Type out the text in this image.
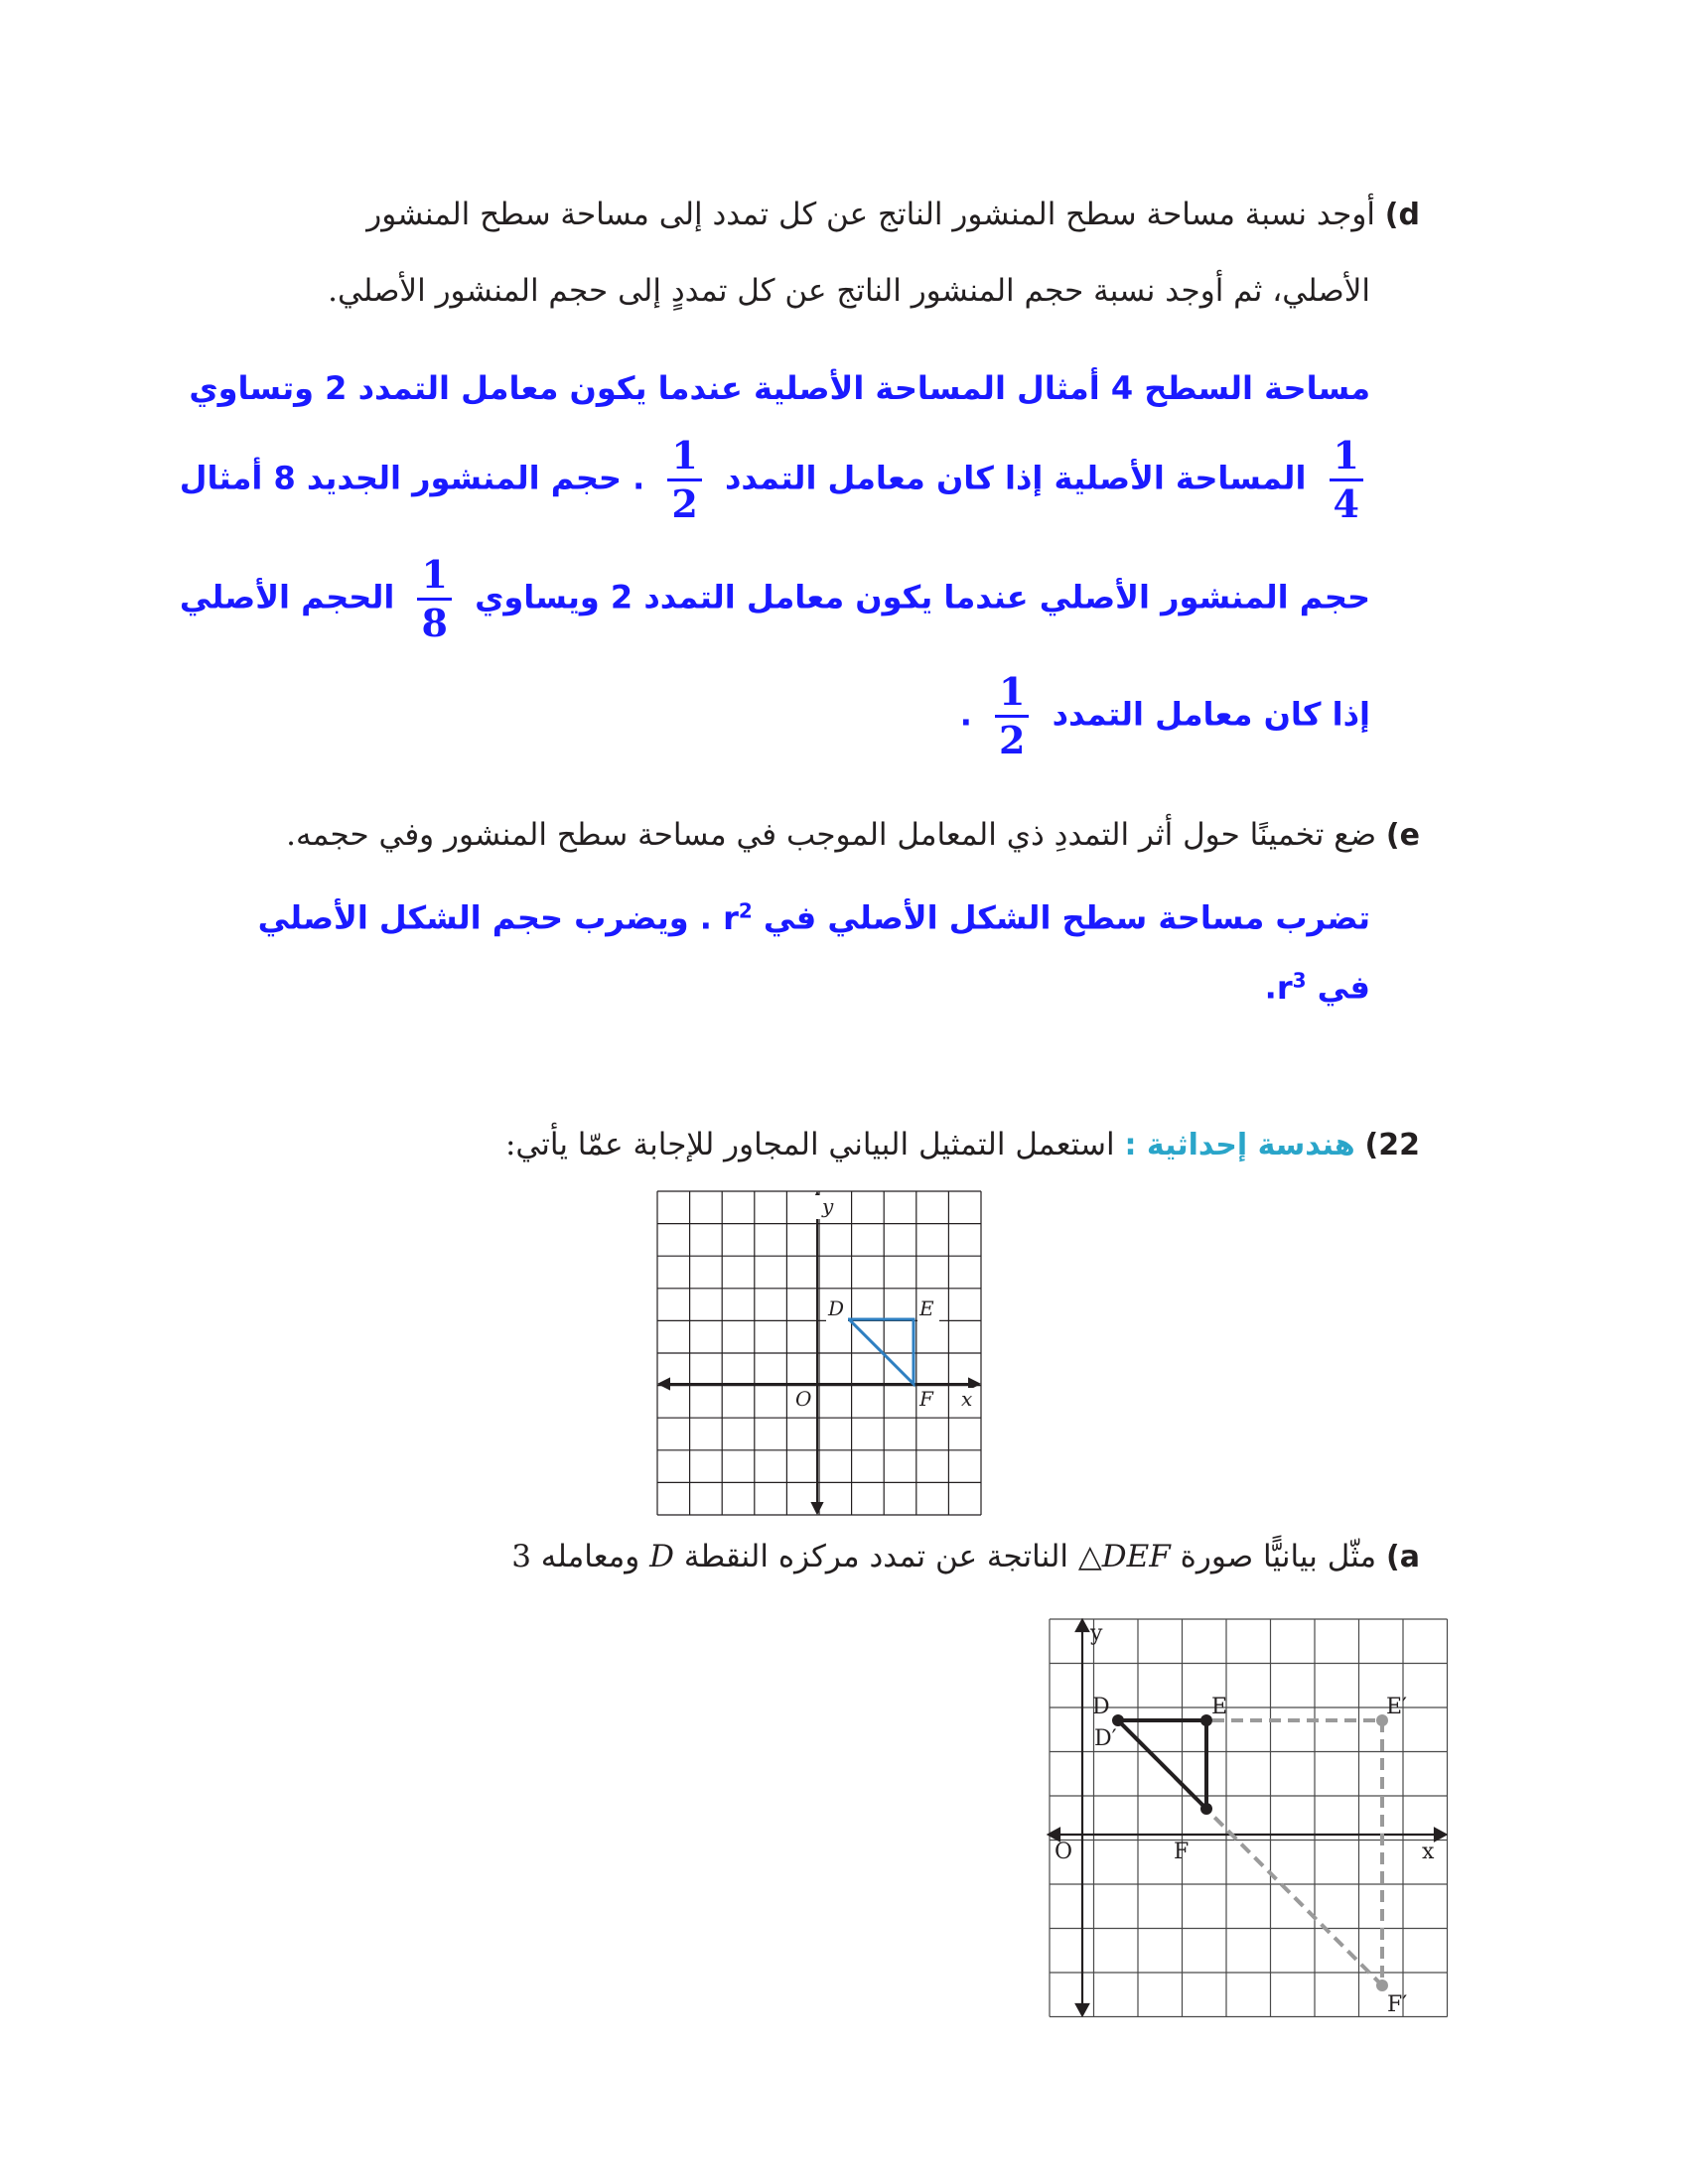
d) أوجد نسبة مساحة سطح المنشور الناتج عن كل تمدد إلى مساحة سطح المنشور
الأصلي، ثم أوجد نسبة حجم المنشور الناتج عن كل تمددٍ إلى حجم المنشور الأصلي.
مساحة السطح 4 أمثال المساحة الأصلية عندما يكون معامل التمدد 2 وتساوي
$\frac{1}{4}$
المساحة الأصلية إذا كان معامل التمدد
$\frac{1}{2}$
. حجم المنشور الجديد 8 أمثال
حجم المنشور الأصلي عندما يكون معامل التمدد 2 ويساوي
$\frac{1}{8}$
الحجم الأصلي
إذا كان معامل التمدد
$\frac{1}{2}$
.
e) ضع تخمينًا حول أثر التمددِ ذي المعامل الموجب في مساحة سطح المنشور وفي حجمه.
تضرب مساحة سطح الشكل الأصلي في $r^2$ . ويضرب حجم الشكل الأصلي
في $r^3$.
22) هندسة إحداثية : استعمل التمثيل البياني المجاور للإجابة عمّا يأتي:
y
x
O
D	E
F
a) مثّل بيانيًّا صورة △DEF الناتجة عن تمدد مركزه النقطة D ومعامله 3
y
x
O
D	E
D′
F
E′
F′
